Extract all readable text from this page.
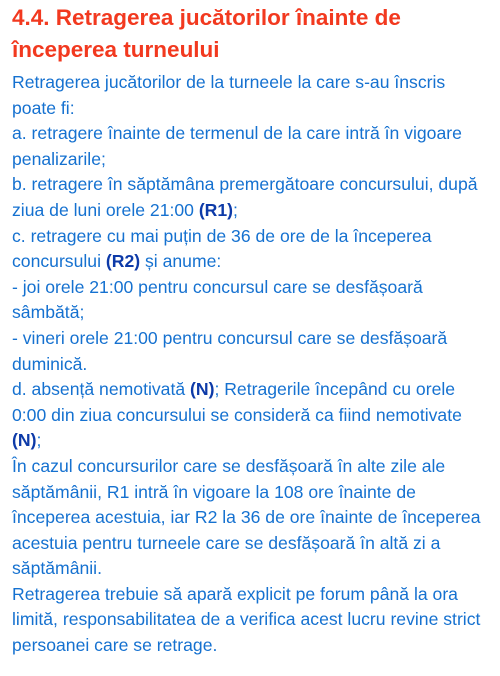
4.4. Retragerea jucătorilor înainte de începerea turneului
Retragerea jucătorilor de la turneele la care s-au înscris poate fi:
a. retragere înainte de termenul de la care intră în vigoare penalizarile;
b. retragere în săptămâna premergătoare concursului, după ziua de luni orele 21:00 (R1);
c. retragere cu mai puțin de 36 de ore de la începerea concursului (R2) și anume:
- joi orele 21:00 pentru concursul care se desfășoară sâmbătă;
- vineri orele 21:00 pentru concursul care se desfășoară duminică.
d. absență nemotivată (N); Retragerile începând cu orele 0:00 din ziua concursului se consideră ca fiind nemotivate (N);
În cazul concursurilor care se desfășoară în alte zile ale săptămânii, R1 intră în vigoare la 108 ore înainte de începerea acestuia, iar R2 la 36 de ore înainte de începerea acestuia pentru turneele care se desfășoară în altă zi a săptămânii.
Retragerea trebuie să apară explicit pe forum până la ora limită, responsabilitatea de a verifica acest lucru revine strict persoanei care se retrage.
